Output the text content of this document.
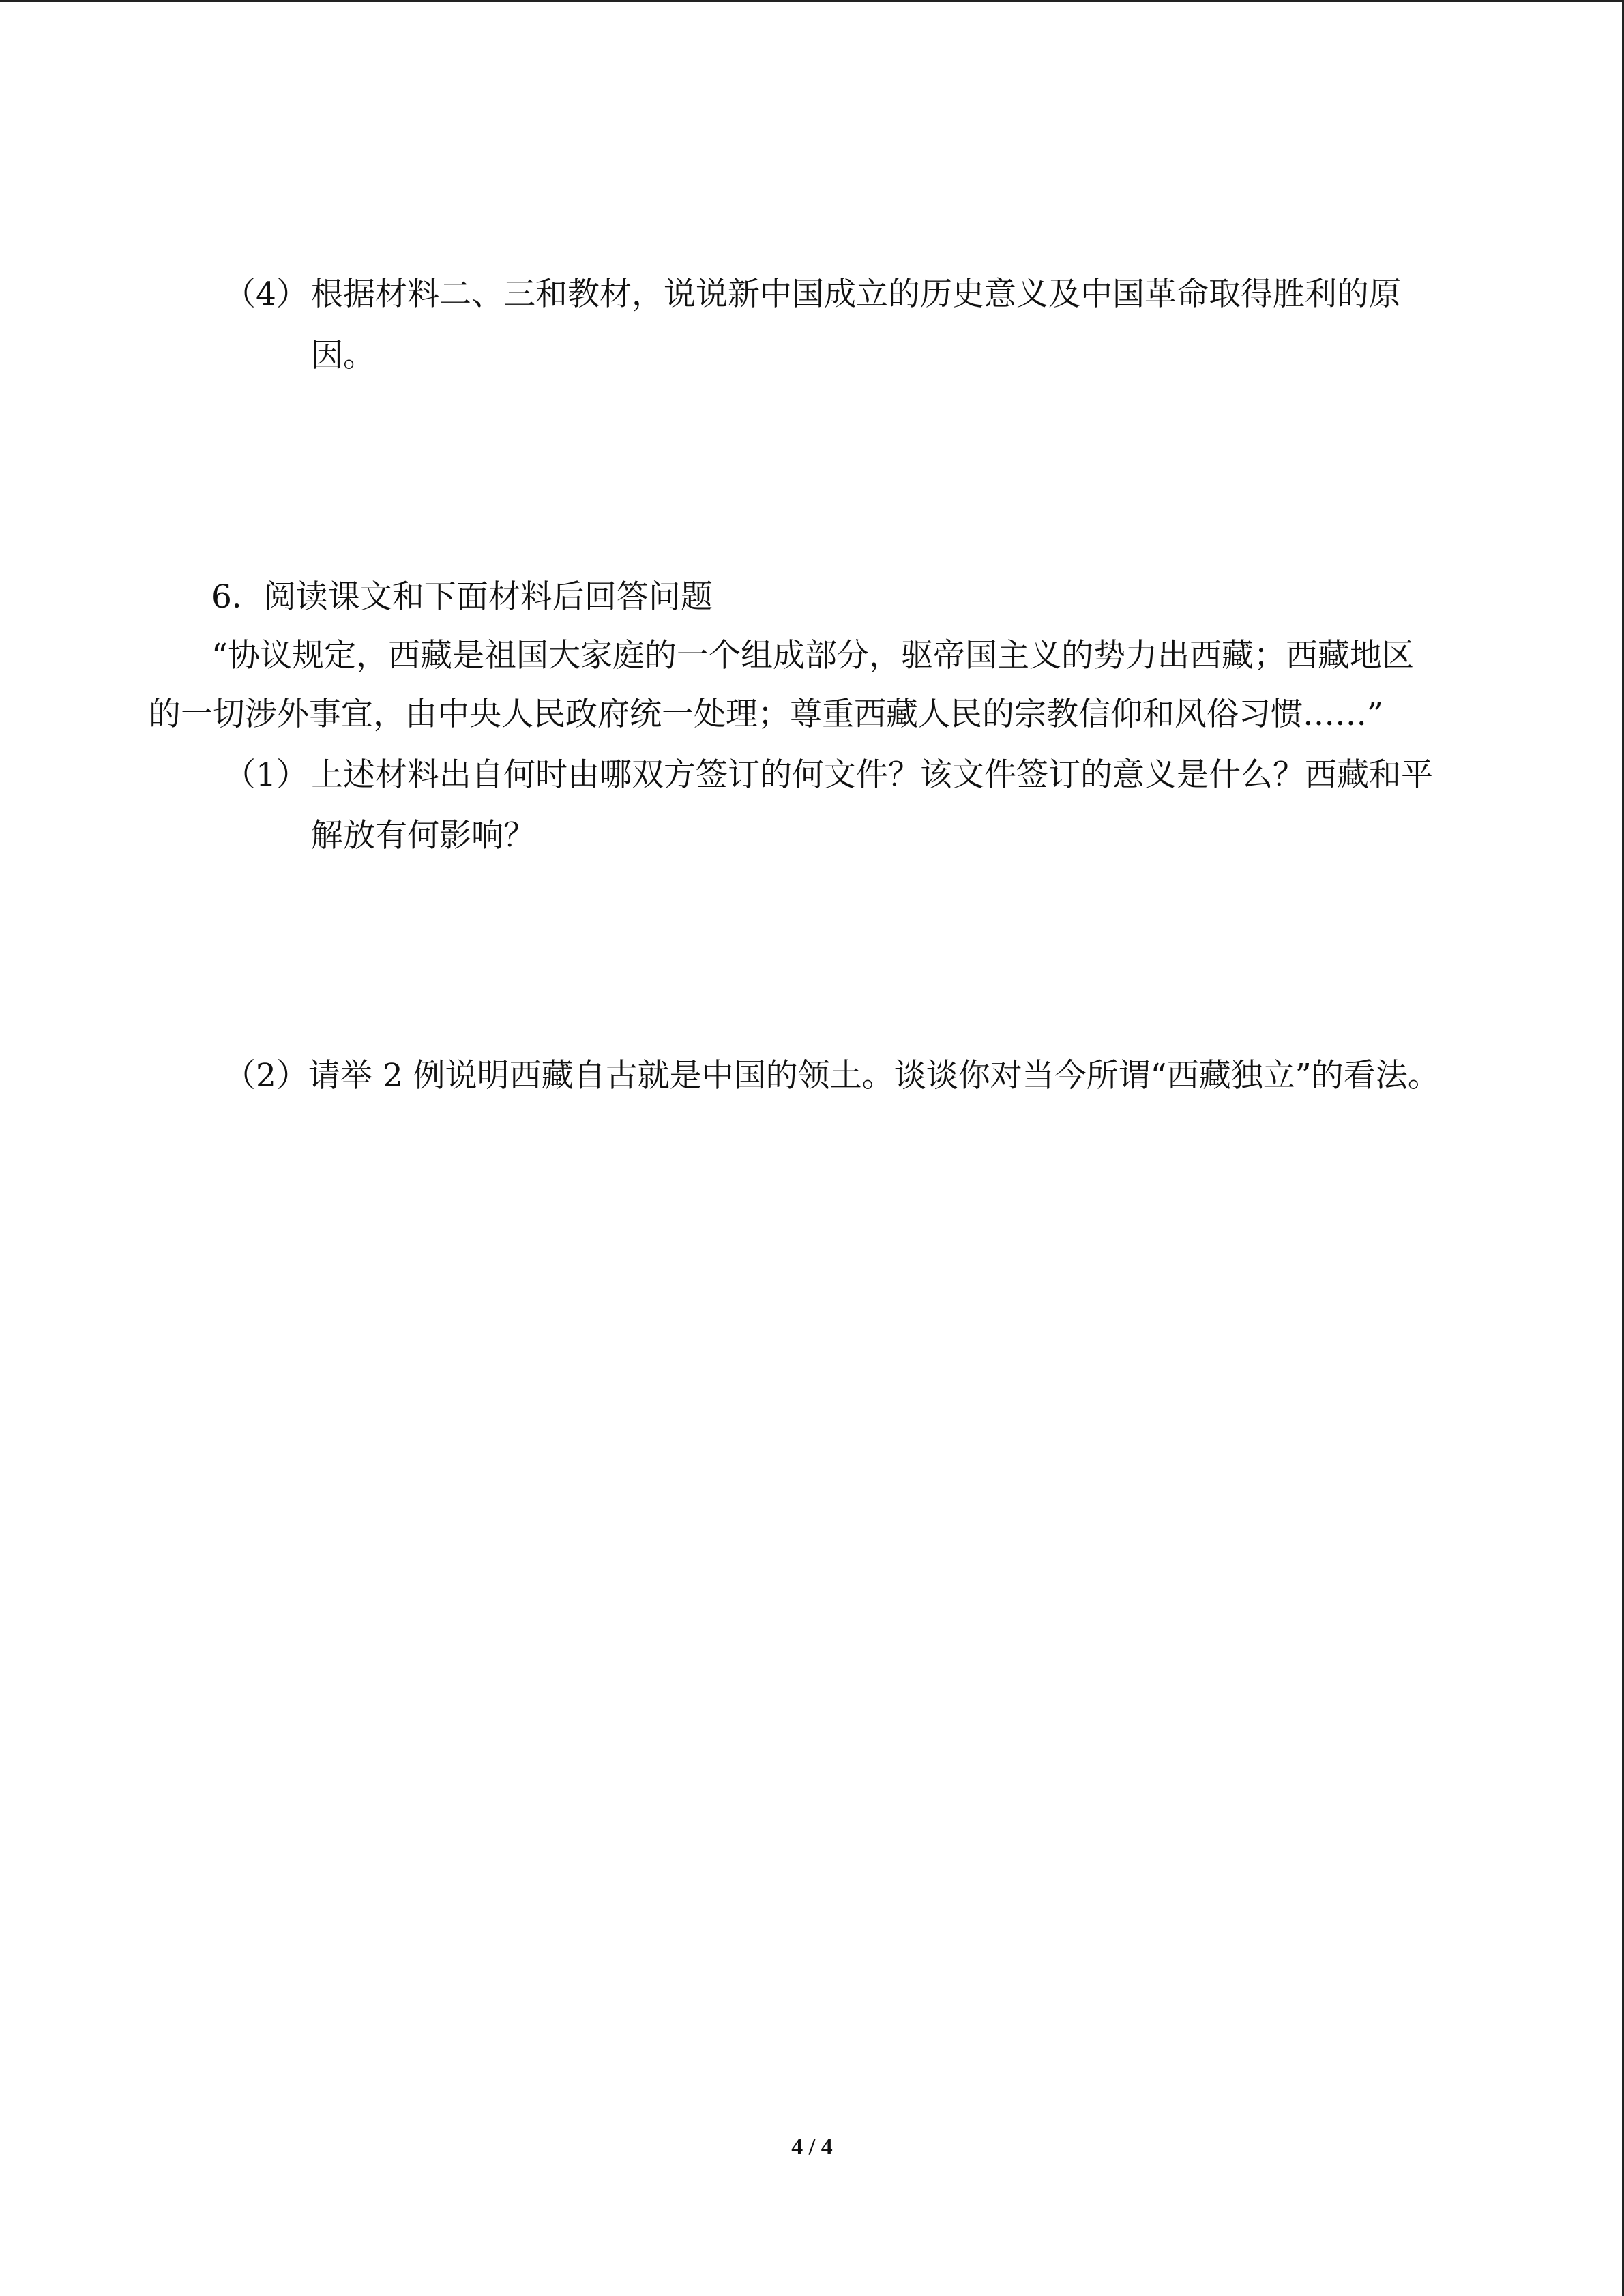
（4）根据材料二、三和教材，说说新中国成立的历史意义及中国革命取得胜利的原
因。
6．阅读课文和下面材料后回答问题
“协议规定，西藏是祖国大家庭的一个组成部分，驱帝国主义的势力出西藏；西藏地区
的一切涉外事宜，由中央人民政府统一处理；尊重西藏人民的宗教信仰和风俗习惯……”
（1）上述材料出自何时由哪双方签订的何文件？该文件签订的意义是什么？西藏和平
解放有何影响？
（2）请举 2 例说明西藏自古就是中国的领土。谈谈你对当今所谓“西藏独立”的看法。
4 / 4
